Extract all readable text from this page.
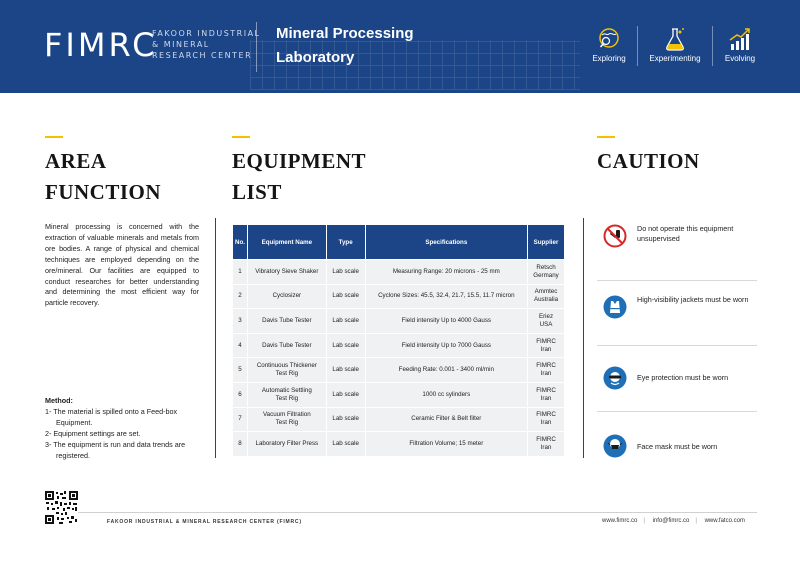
FIMRC
FAKOOR INDUSTRIAL
& MINERAL
RESEARCH CENTER
Mineral Processing
Laboratory	Exploring	Experimenting	Evolving
AREA
FUNCTION
Mineral processing is concerned with the extraction of valuable minerals and metals from ore bodies. A range of physical and chemical techniques are employed depending on the ore/mineral. Our facilities are equipped to conduct researches for better understanding and determining the most efficient way for particle recovery.
Method:
1- The material is spilled onto a Feed-box Equipment.
2- Equipment settings are set.
3- The equipment is run and data trends are registered.
EQUIPMENT
LIST
No.	Equipment Name	Type	Specifications	Supplier
1	Vibratory Sieve Shaker	Lab scale	Measuring Range: 20 microns - 25 mm	Retsch
Germany
2	Cyclosizer	Lab scale	Cyclone Sizes: 45.5, 32.4, 21.7, 15.5, 11.7 micron	Ammtec
Australia
3	Davis Tube Tester	Lab scale	Field intensity Up to 4000 Gauss	Eriez
USA
4	Davis Tube Tester	Lab scale	Field intensity Up to 7000 Gauss	FIMRC
Iran
5	Continuous Thickener
Test Rig	Lab scale	Feeding Rate: 0.001 - 3400 ml/min	FIMRC
Iran
6	Automatic Settling
Test Rig	Lab scale	1000 cc sylinders	FIMRC
Iran
7	Vacuum Filtration
Test Rig	Lab scale	Ceramic Filter & Belt filter	FIMRC
Iran
8	Laboratory Filter Press	Lab scale	Filtration Volume; 15 meter	FIMRC
Iran
CAUTION
Do not operate this equipment unsupervised
High-visibility jackets must be worn
Eye protection must be worn
Face mask must be worn
FAKOOR INDUSTRIAL & MINERAL RESEARCH CENTER (FIMRC)	www.fimrc.co | info@fimrc.co | www.fatco.com
